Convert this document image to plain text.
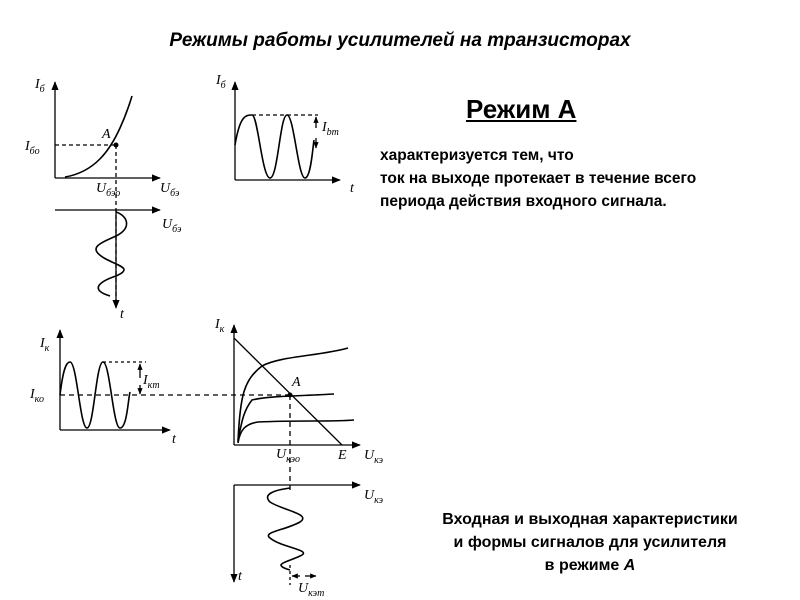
Режимы работы усилителей на транзисторах
Режим А
характеризуется тем, что
ток на выходе протекает в течение всего
периода действия входного сигнала.
Входная и выходная характеристики
и формы сигналов для усилителя
в режиме А
$I_б$
$I_{бо}$
A
$U_{бэо}$	$U_{бэ}$
$U_{бэ}$
t
$I_б$
$I_{bm}$
t
$I_к$
$I_{ко}$
$I_{кm}$
t
$I_к$
A
$U_{кэо}$	E $U_{кэ}$
$U_{кэ}$
t
$U_{кэm}$
